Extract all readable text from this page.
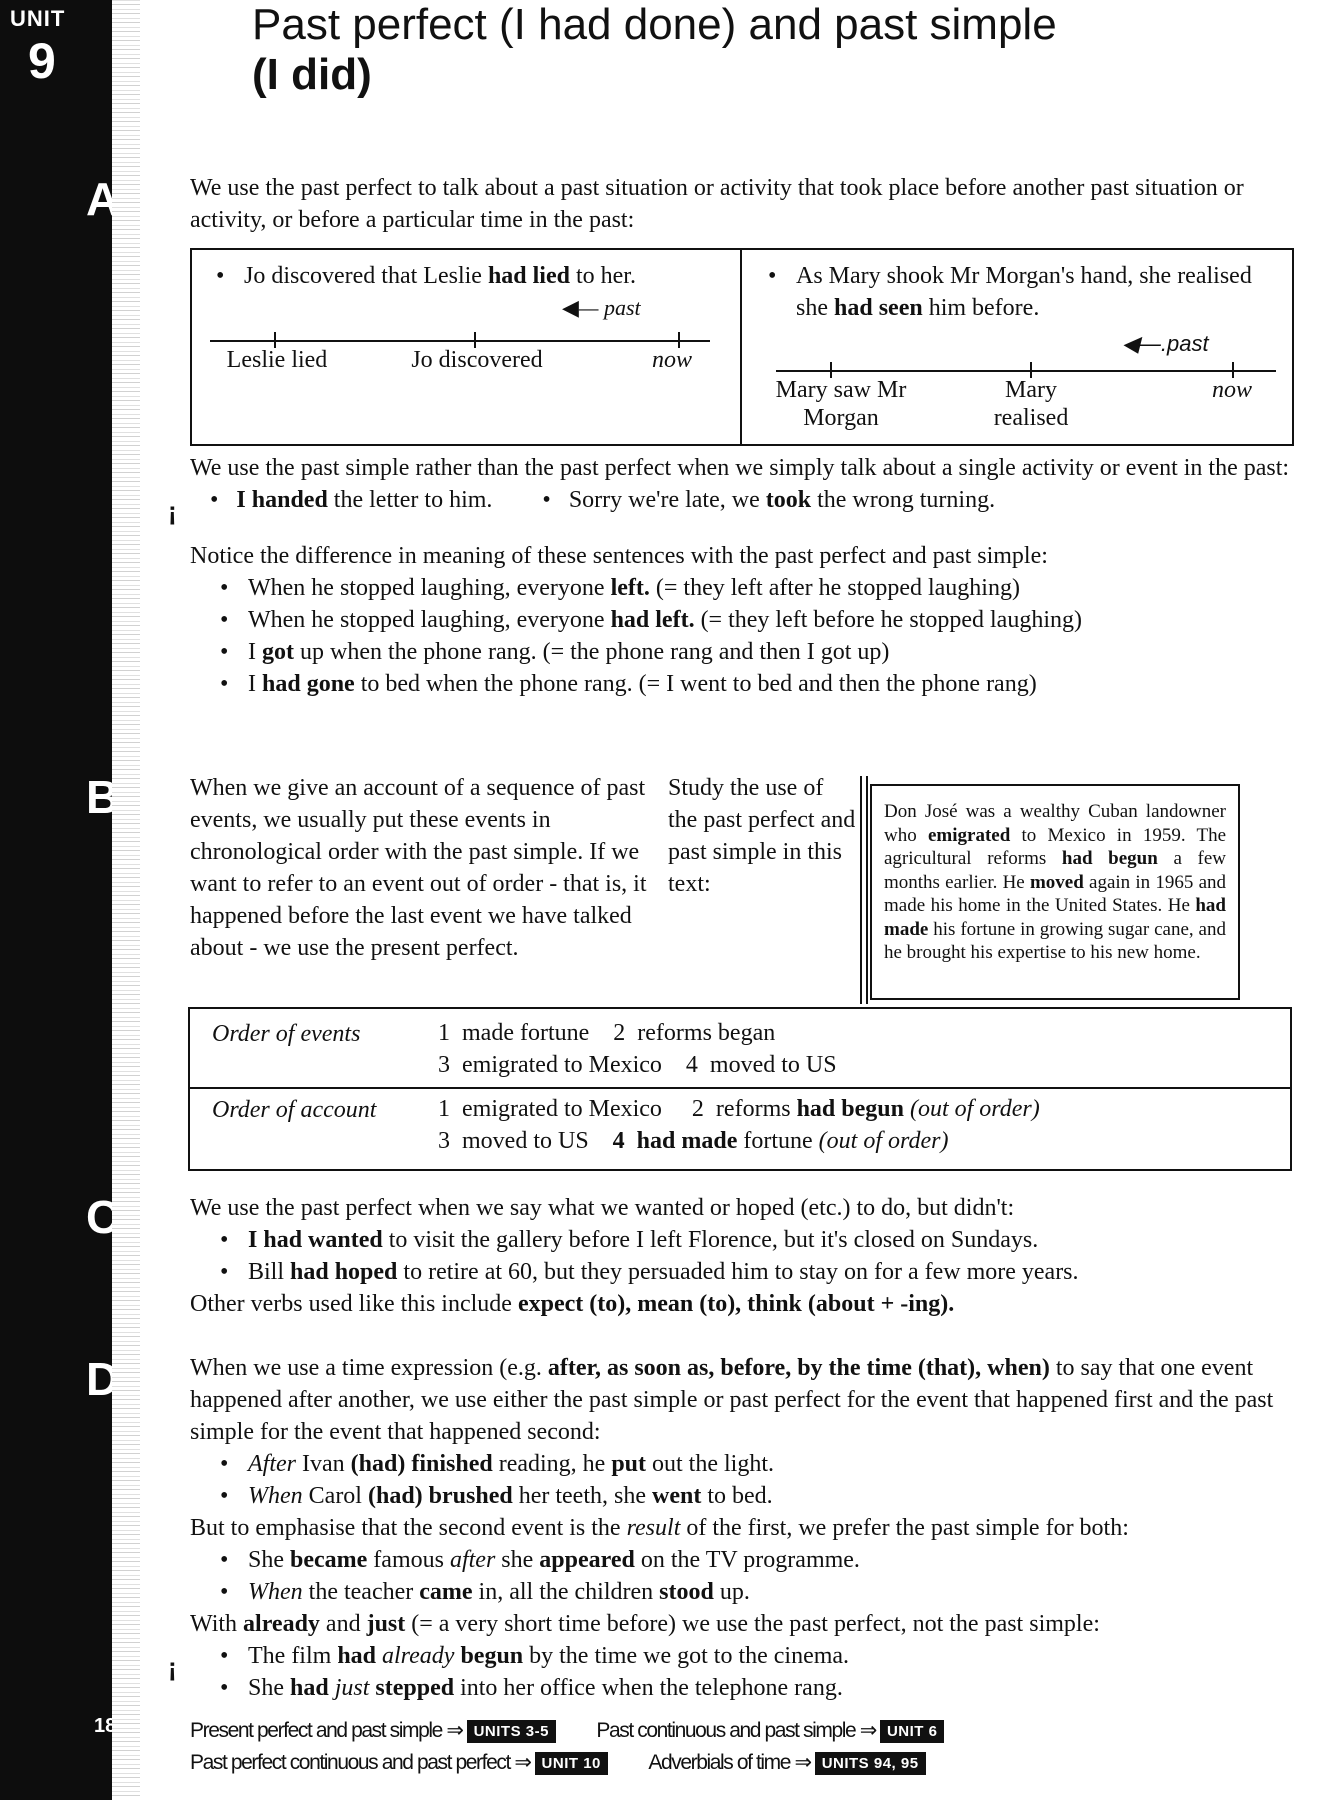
UNIT
9
A
B
C
D
18
Past perfect (I had done) and past simple
(I did)

We use the past perfect to talk about a past situation or activity that took place before another past situation or activity, or before a particular time in the past:

• Jo discovered that Leslie had lied to her.
◀— past
Leslie lied	Jo discovered	now
• As Mary shook Mr Morgan's hand, she realised she had seen him before.
◀—.past
Mary saw Mr Morgan
Mary realised
now
¡

We use the past simple rather than the past perfect when we simply talk about a single activity or event in the past:

•   I handed the letter to him. •   Sorry we're late, we took the wrong turning.

Notice the difference in meaning of these sentences with the past perfect and past simple:

• When he stopped laughing, everyone left. (= they left after he stopped laughing)
• When he stopped laughing, everyone had left. (= they left before he stopped laughing)
• I got up when the phone rang. (= the phone rang and then I got up)
• I had gone to bed when the phone rang. (= I went to bed and then the phone rang)

When we give an account of a sequence of past events, we usually put these events in chronological order with the past simple. If we want to refer to an event out of order - that is, it happened before the last event we have talked about - we use the present perfect.

Study the use of the past perfect and past simple in this text:

Don José was a wealthy Cuban landowner who emigrated to Mexico in 1959. The agricultural reforms had begun a few months earlier. He moved again in 1965 and made his home in the United States. He had made his fortune in growing sugar cane, and he brought his expertise to his new home.
Order of events	1  made fortune    2  reforms began
3  emigrated to Mexico    4  moved to US
Order of account	1  emigrated to Mexico     2  reforms had begun (out of order)
3  moved to US    4  had made fortune (out of order)

We use the past perfect when we say what we wanted or hoped (etc.) to do, but didn't:

• I had wanted to visit the gallery before I left Florence, but it's closed on Sundays.
• Bill had hoped to retire at 60, but they persuaded him to stay on for a few more years.

Other verbs used like this include expect (to), mean (to), think (about + -ing).

¡

When we use a time expression (e.g. after, as soon as, before, by the time (that), when) to say that one event happened after another, we use either the past simple or past perfect for the event that happened first and the past simple for the event that happened second:

• After Ivan (had) finished reading, he put out the light.
• When Carol (had) brushed her teeth, she went to bed.

But to emphasise that the second event is the result of the first, we prefer the past simple for both:

• She became famous after she appeared on the TV programme.
• When the teacher came in, all the children stood up.

With already and just (= a very short time before) we use the past perfect, not the past simple:

• The film had already begun by the time we got to the cinema.
• She had just stepped into her office when the telephone rang.
Present perfect and past simple ⇒ UNITS 3-5 Past continuous and past simple ⇒ UNIT 6
Past perfect continuous and past perfect ⇒ UNIT 10 Adverbials of time ⇒ UNITS 94, 95
